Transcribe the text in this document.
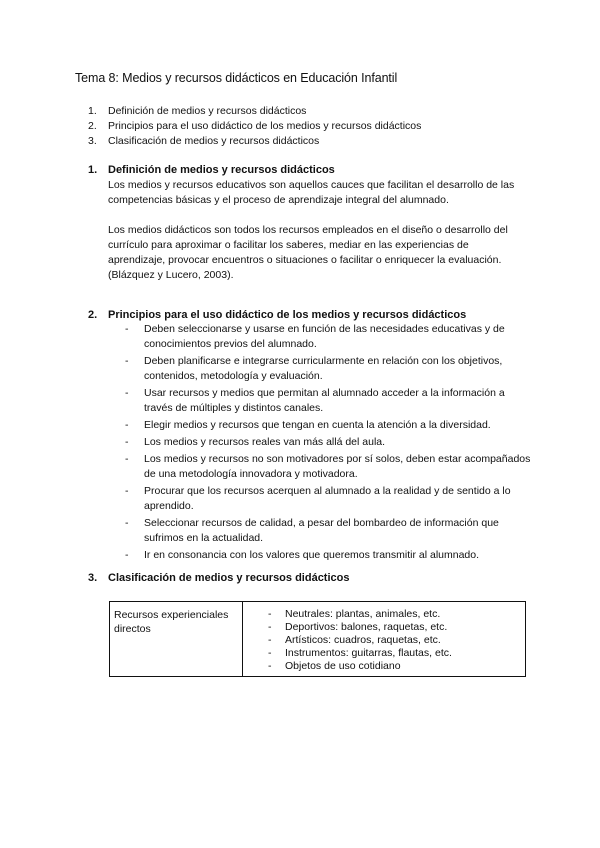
Tema 8: Medios y recursos didácticos en Educación Infantil
1. Definición de medios y recursos didácticos
2. Principios para el uso didáctico de los medios y recursos didácticos
3. Clasificación de medios y recursos didácticos
1. Definición de medios y recursos didácticos

Los medios y recursos educativos son aquellos cauces que facilitan el desarrollo de las competencias básicas y el proceso de aprendizaje integral del alumnado.

Los medios didácticos son todos los recursos empleados en el diseño o desarrollo del currículo para aproximar o facilitar los saberes, mediar en las experiencias de aprendizaje, provocar encuentros o situaciones o facilitar o enriquecer la evaluación. (Blázquez y Lucero, 2003).

2. Principios para el uso didáctico de los medios y recursos didácticos
- Deben seleccionarse y usarse en función de las necesidades educativas y de conocimientos previos del alumnado.
- Deben planificarse e integrarse curricularmente en relación con los objetivos, contenidos, metodología y evaluación.
- Usar recursos y medios que permitan al alumnado acceder a la información a través de múltiples y distintos canales.
- Elegir medios y recursos que tengan en cuenta la atención a la diversidad.
- Los medios y recursos reales van más allá del aula.
- Los medios y recursos no son motivadores por sí solos, deben estar acompañados de una metodología innovadora y motivadora.
- Procurar que los recursos acerquen al alumnado a la realidad y de sentido a lo aprendido.
- Seleccionar recursos de calidad, a pesar del bombardeo de información que sufrimos en la actualidad.
- Ir en consonancia con los valores que queremos transmitir al alumnado.
3. Clasificación de medios y recursos didácticos
Recursos experienciales directos
- Neutrales: plantas, animales, etc.
- Deportivos: balones, raquetas, etc.
- Artísticos: cuadros, raquetas, etc.
- Instrumentos: guitarras, flautas, etc.
- Objetos de uso cotidiano
